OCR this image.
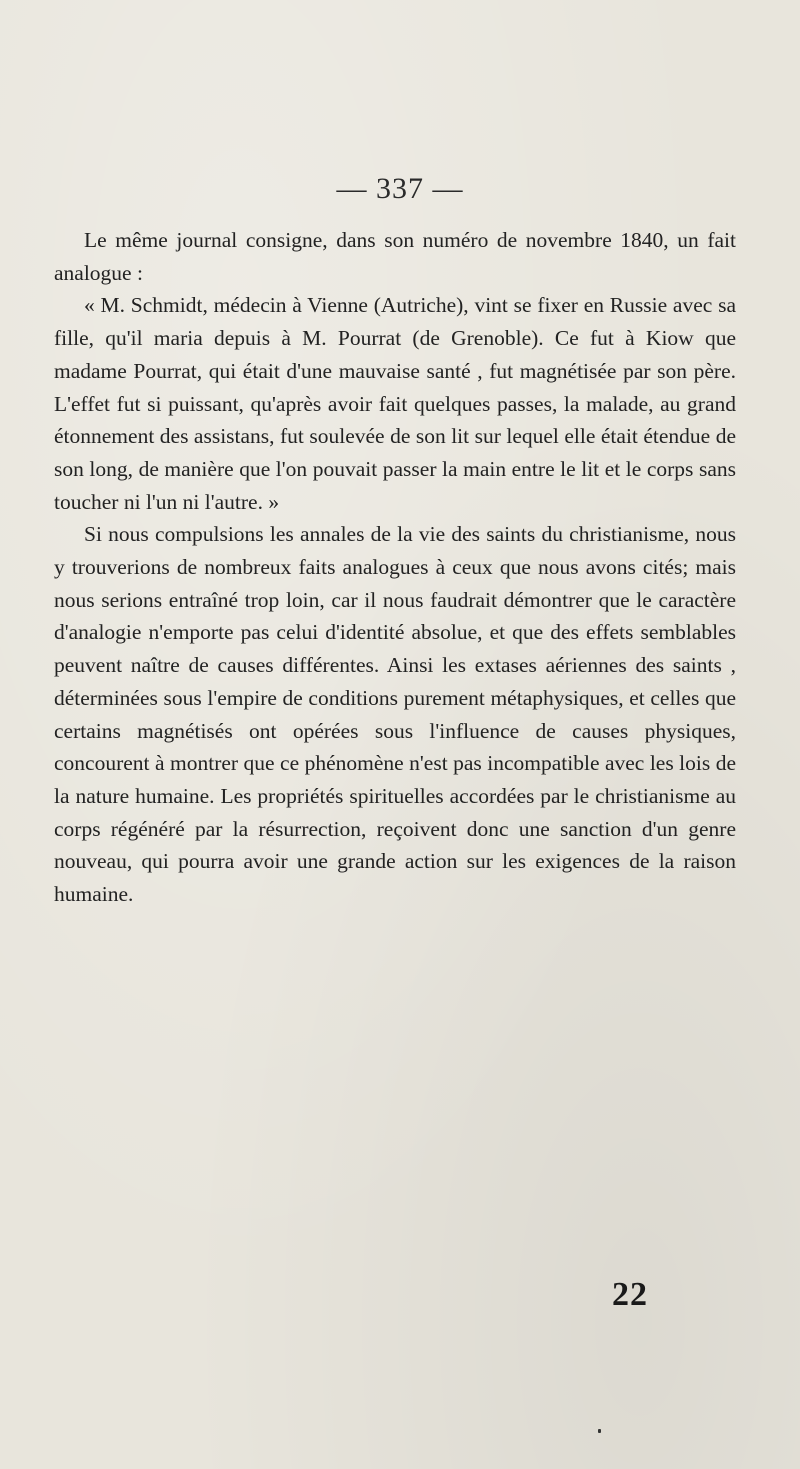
— 337 —

Le même journal consigne, dans son numéro de novembre 1840, un fait analogue :

« M. Schmidt, médecin à Vienne (Autriche), vint se fixer en Russie avec sa fille, qu'il maria depuis à M. Pourrat (de Grenoble). Ce fut à Kiow que madame Pourrat, qui était d'une mauvaise santé , fut magnétisée par son père. L'effet fut si puissant, qu'après avoir fait quelques passes, la malade, au grand étonnement des assistans, fut soulevée de son lit sur lequel elle était étendue de son long, de manière que l'on pouvait passer la main entre le lit et le corps sans toucher ni l'un ni l'autre. »

Si nous compulsions les annales de la vie des saints du christianisme, nous y trouverions de nombreux faits analogues à ceux que nous avons cités; mais nous serions entraîné trop loin, car il nous faudrait démontrer que le caractère d'analogie n'emporte pas celui d'identité absolue, et que des effets semblables peuvent naître de causes différentes. Ainsi les extases aériennes des saints , déterminées sous l'empire de conditions purement métaphysiques, et celles que certains magnétisés ont opérées sous l'influence de causes physiques, concourent à montrer que ce phénomène n'est pas incompatible avec les lois de la nature humaine. Les propriétés spirituelles accordées par le christianisme au corps régénéré par la résurrection, reçoivent donc une sanction d'un genre nouveau, qui pourra avoir une grande action sur les exigences de la raison humaine.

22
